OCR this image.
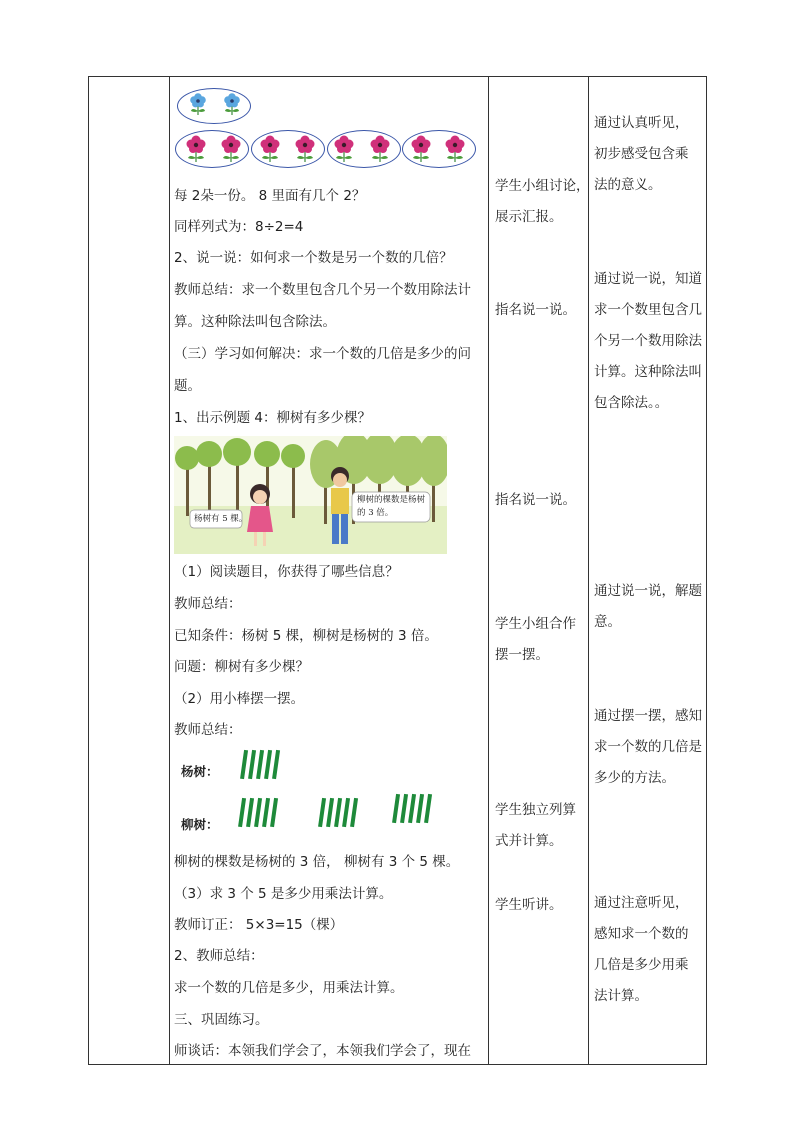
每 2朵一份。 8 里面有几个 2？
同样列式为：8÷2=4
2、说一说：如何求一个数是另一个数的几倍？
教师总结：求一个数里包含几个另一个数用除法计
算。这种除法叫包含除法。
（三）学习如何解决：求一个数的几倍是多少的问
题。
1、出示例题 4：柳树有多少棵？
杨树有 5 棵。
柳树的棵数是杨树的 3 倍。
（1）阅读题目，你获得了哪些信息？
教师总结：
已知条件：杨树 5 棵，柳树是杨树的 3 倍。
问题：柳树有多少棵？
（2）用小棒摆一摆。
教师总结：
杨树：
柳树：
柳树的棵数是杨树的 3 倍， 柳树有 3 个 5 棵。
（3）求 3 个 5 是多少用乘法计算。
教师订正： 5×3=15（棵）
2、教师总结：
求一个数的几倍是多少，用乘法计算。
三、巩固练习。
师谈话：本领我们学会了，本领我们学会了，现在
学生小组讨论，
展示汇报。
指名说一说。
指名说一说。
学生小组合作
摆一摆。
学生独立列算
式并计算。
学生听讲。
通过认真听见，初步感受包含乘法的意义。
通过说一说，知道求一个数里包含几个另一个数用除法计算。这种除法叫包含除法。。
通过说一说，解题意。
通过摆一摆，感知求一个数的几倍是多少的方法。
通过注意听见，感知求一个数的几倍是多少用乘法计算。
